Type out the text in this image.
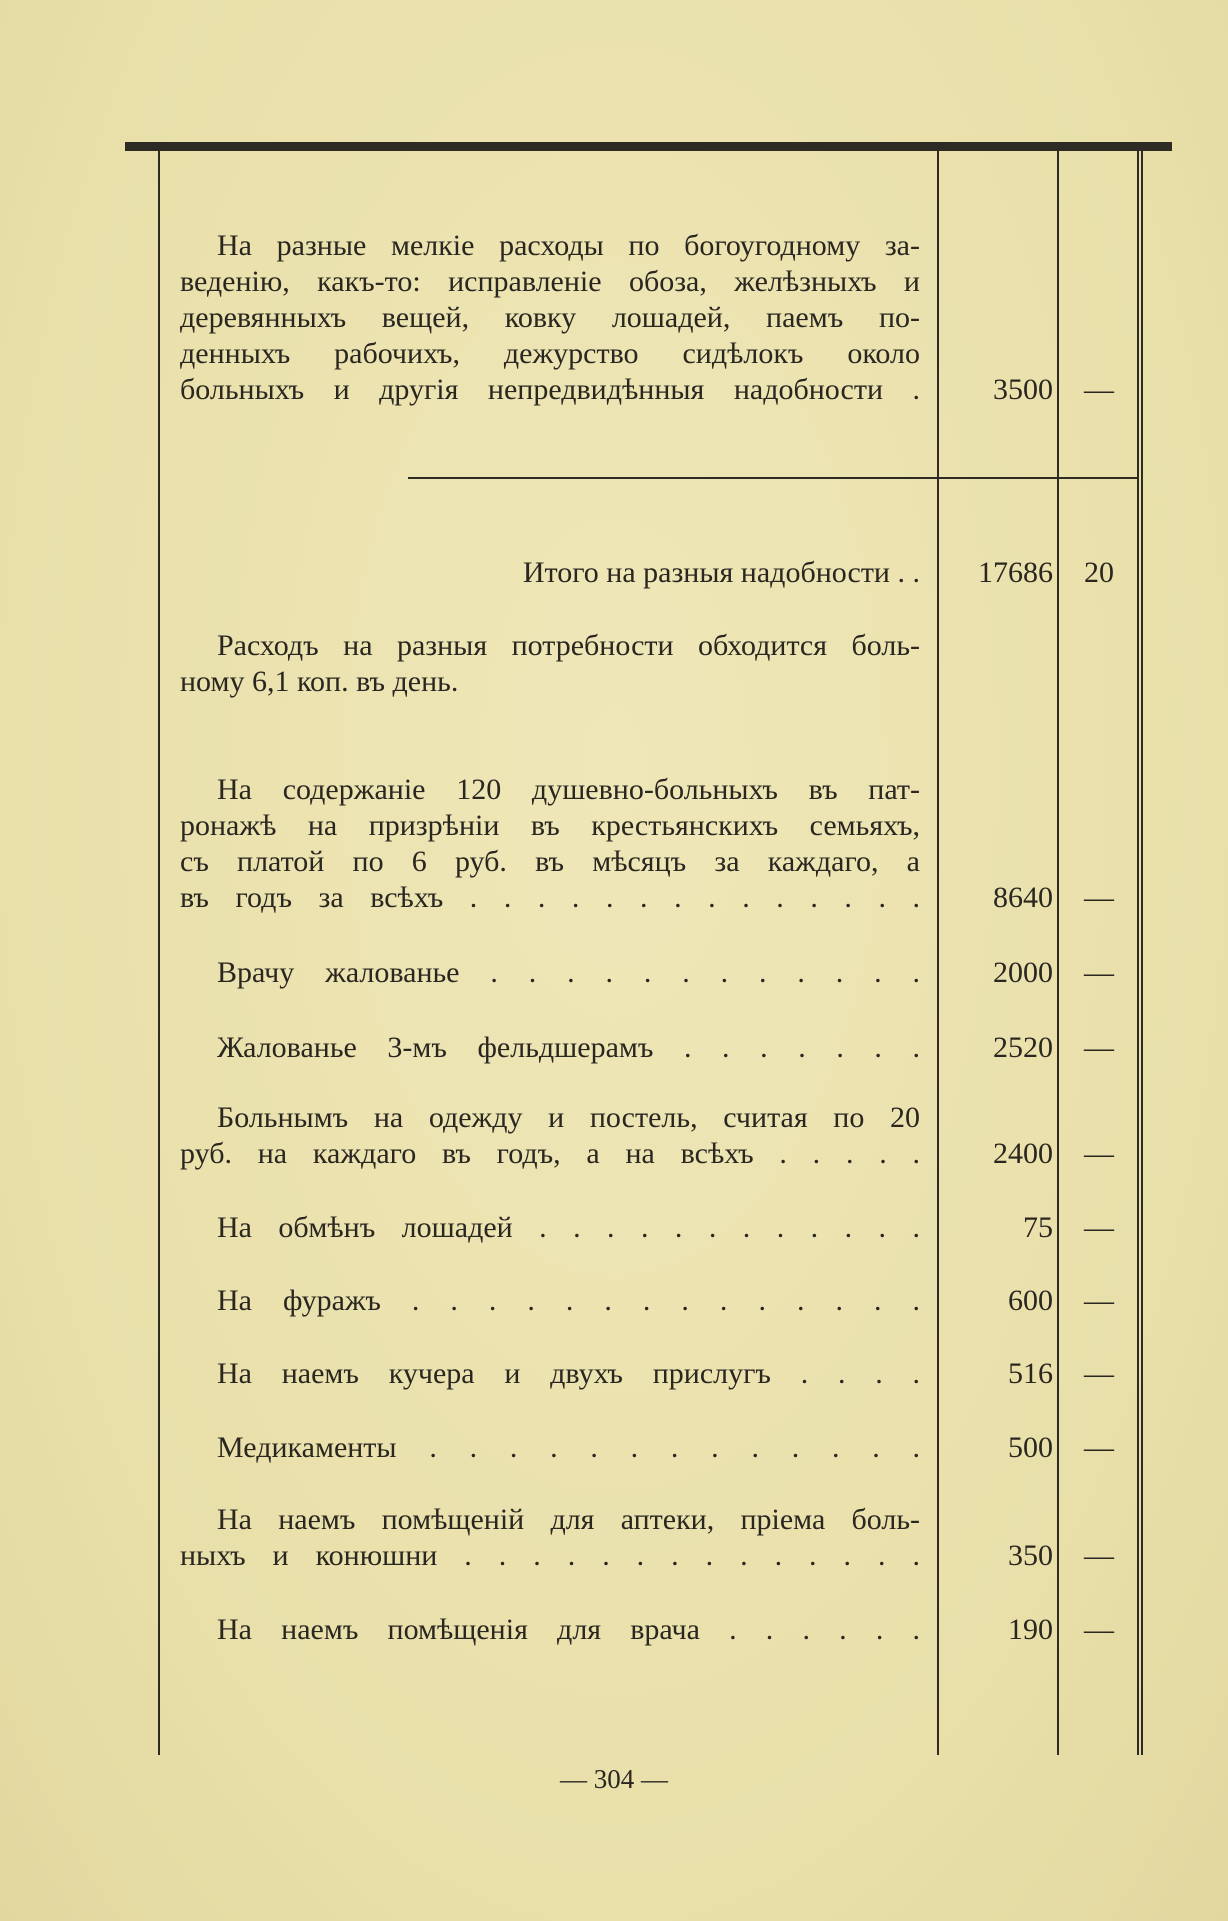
На разные мелкіе расходы по богоугодному за-
веденію, какъ-то: исправленіе обоза, желѣзныхъ и
деревянныхъ вещей, ковку лошадей, паемъ по-
денныхъ рабочихъ, дежурство сидѣлокъ около
больныхъ и другія непредвидѣнныя надобности .	3500	—
Итого на разныя надобности . .	17686	20
Расходъ на разныя потребности обходится боль-
ному 6,1 коп. въ день.
На содержаніе 120 душевно-больныхъ въ пат-
ронажѣ на призрѣніи въ крестьянскихъ семьяхъ,
съ платой по 6 руб. въ мѣсяцъ за каждаго, а
въ годъ за всѣхъ . . . . . . . . . . . . . .	8640	—
Врачу жалованье . . . . . . . . . . . .	2000	—
Жалованье 3-мъ фельдшерамъ . . . . . . .	2520	—
Больнымъ на одежду и постель, считая по 20
руб. на каждаго въ годъ, а на всѣхъ . . . . .	2400	—
На обмѣнъ лошадей . . . . . . . . . . . .	75	—
На фуражъ . . . . . . . . . . . . . .	600	—
На наемъ кучера и двухъ прислугъ . . . .	516	—
Медикаменты . . . . . . . . . . . . .	500	—
На наемъ помѣщеній для аптеки, пріема боль-
ныхъ и конюшни . . . . . . . . . . . . . .	350	—
На наемъ помѣщенія для врача . . . . . .	190	—
— 304 —
